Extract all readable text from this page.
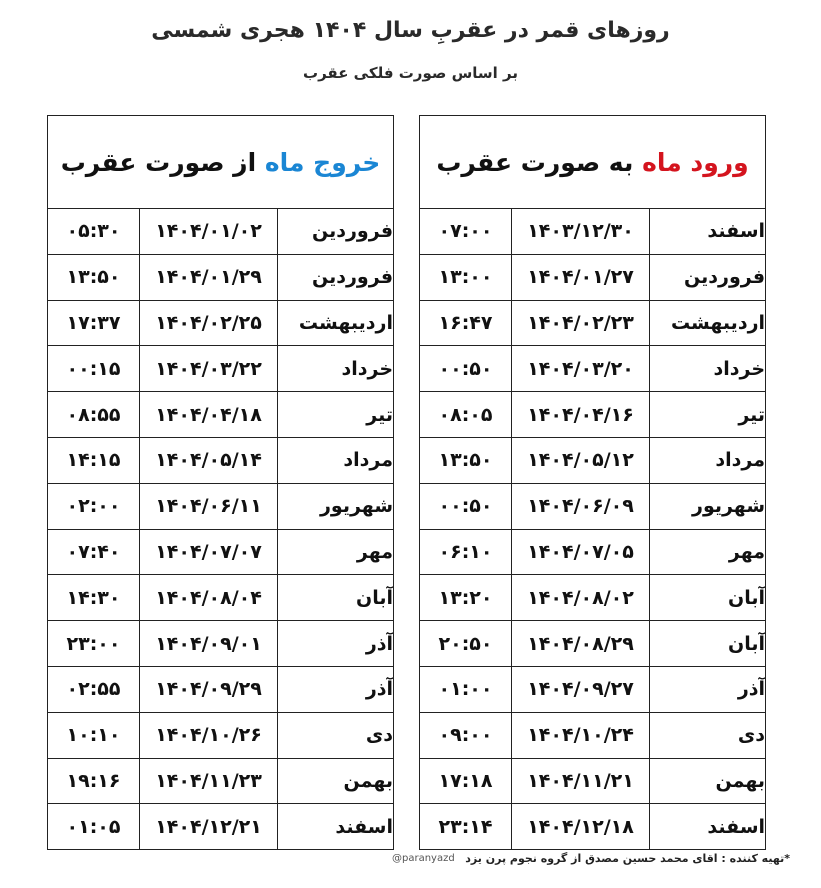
روزهای قمر در عقربِ سال ۱۴۰۴ هجری شمسی
بر اساس صورت فلکی عقرب
ورود ماه به صورت عقرب		
اسفند	۱۴۰۳/۱۲/۳۰	۰۷:۰۰
فروردین	۱۴۰۴/۰۱/۲۷	۱۳:۰۰
اردیبهشت	۱۴۰۴/۰۲/۲۳	۱۶:۴۷
خرداد	۱۴۰۴/۰۳/۲۰	۰۰:۵۰
تیر	۱۴۰۴/۰۴/۱۶	۰۸:۰۵
مرداد	۱۴۰۴/۰۵/۱۲	۱۳:۵۰
شهریور	۱۴۰۴/۰۶/۰۹	۰۰:۵۰
مهر	۱۴۰۴/۰۷/۰۵	۰۶:۱۰
آبان	۱۴۰۴/۰۸/۰۲	۱۳:۲۰
آبان	۱۴۰۴/۰۸/۲۹	۲۰:۵۰
آذر	۱۴۰۴/۰۹/۲۷	۰۱:۰۰
دی	۱۴۰۴/۱۰/۲۴	۰۹:۰۰
بهمن	۱۴۰۴/۱۱/۲۱	۱۷:۱۸
اسفند	۱۴۰۴/۱۲/۱۸	۲۳:۱۴
خروج ماه از صورت عقرب		
فروردین	۱۴۰۴/۰۱/۰۲	۰۵:۳۰
فروردین	۱۴۰۴/۰۱/۲۹	۱۳:۵۰
اردیبهشت	۱۴۰۴/۰۲/۲۵	۱۷:۳۷
خرداد	۱۴۰۴/۰۳/۲۲	۰۰:۱۵
تیر	۱۴۰۴/۰۴/۱۸	۰۸:۵۵
مرداد	۱۴۰۴/۰۵/۱۴	۱۴:۱۵
شهریور	۱۴۰۴/۰۶/۱۱	۰۲:۰۰
مهر	۱۴۰۴/۰۷/۰۷	۰۷:۴۰
آبان	۱۴۰۴/۰۸/۰۴	۱۴:۳۰
آذر	۱۴۰۴/۰۹/۰۱	۲۳:۰۰
آذر	۱۴۰۴/۰۹/۲۹	۰۲:۵۵
دی	۱۴۰۴/۱۰/۲۶	۱۰:۱۰
بهمن	۱۴۰۴/۱۱/۲۳	۱۹:۱۶
اسفند	۱۴۰۴/۱۲/۲۱	۰۱:۰۵
@paranyazd *تهیه کننده : اقای محمد حسین مصدق از گروه نجوم پرن یزد
